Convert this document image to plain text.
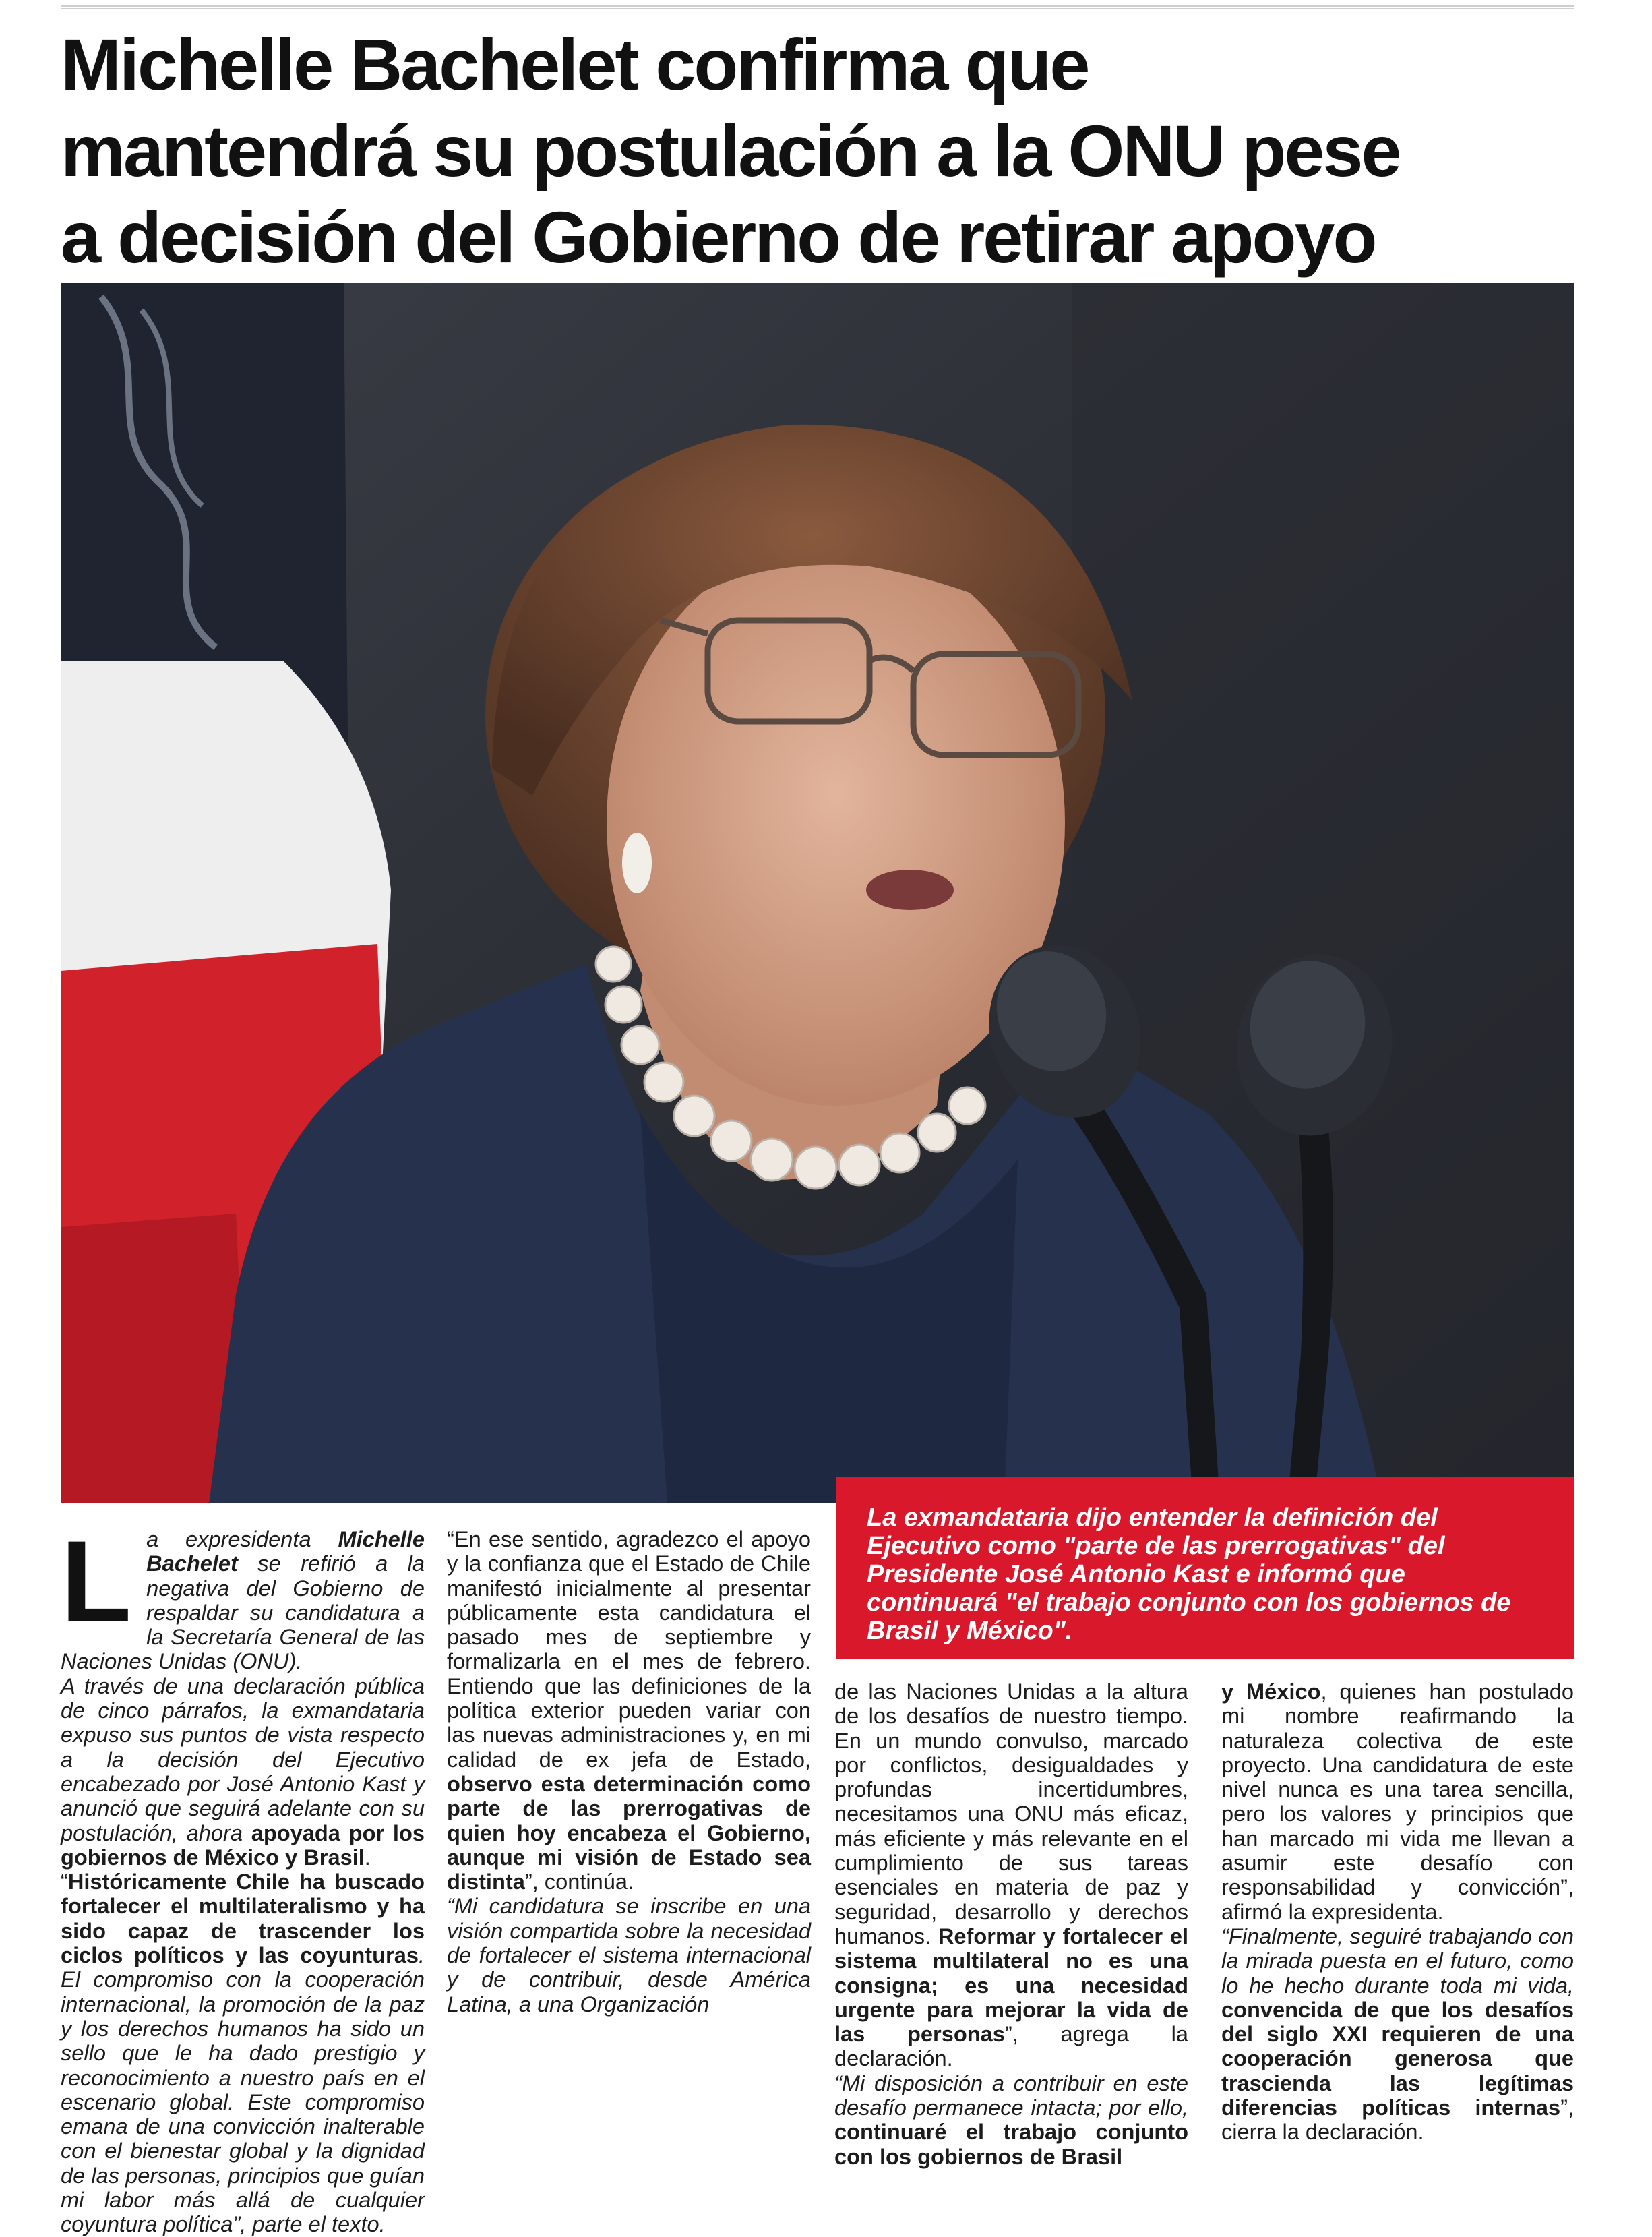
Michelle Bachelet confirma que
mantendrá su postulación a la ONU pese
a decisión del Gobierno de retirar apoyo
La exmandataria dijo entender la definición del Ejecutivo como "parte de las prerrogativas" del Presidente José Antonio Kast e informó que continuará "el trabajo conjunto con los gobiernos de Brasil y México".

La expresidenta Michelle Bachelet se refirió a la negativa del Gobierno de respaldar su candidatura a la Secretaría General de las Naciones Unidas (ONU).

A través de una declaración pública de cinco párrafos, la exmandataria expuso sus puntos de vista respecto a la decisión del Ejecutivo encabezado por José Antonio Kast y anunció que seguirá adelante con su postulación, ahora apoyada por los gobiernos de México y Brasil.

“Históricamente Chile ha buscado fortalecer el multilateralismo y ha sido capaz de trascender los ciclos políticos y las coyunturas. El compromiso con la cooperación internacional, la promoción de la paz y los derechos humanos ha sido un sello que le ha dado prestigio y reconocimiento a nuestro país en el escenario global. Este compromiso emana de una convicción inalterable con el bienestar global y la dignidad de las personas, principios que guían mi labor más allá de cualquier coyuntura política”, parte el texto.

“En ese sentido, agradezco el apoyo y la confianza que el Estado de Chile manifestó inicialmente al presentar públicamente esta candidatura el pasado mes de septiembre y formalizarla en el mes de febrero. Entiendo que las definiciones de la política exterior pueden variar con las nuevas administraciones y, en mi calidad de ex jefa de Estado, observo esta determinación como parte de las prerrogativas de quien hoy encabeza el Gobierno, aunque mi visión de Estado sea distinta”, continúa.

“Mi candidatura se inscribe en una visión compartida sobre la necesidad de fortalecer el sistema internacional y de contribuir, desde América Latina, a una Organización

de las Naciones Unidas a la altura de los desafíos de nuestro tiempo. En un mundo convulso, marcado por conflictos, desigualdades y profundas incertidumbres, necesitamos una ONU más eficaz, más eficiente y más relevante en el cumplimiento de sus tareas esenciales en materia de paz y seguridad, desarrollo y derechos humanos. Reformar y fortalecer el sistema multilateral no es una consigna; es una necesidad urgente para mejorar la vida de las personas”, agrega la declaración.

“Mi disposición a contribuir en este desafío permanece intacta; por ello, continuaré el trabajo conjunto con los gobiernos de Brasil

y México, quienes han postulado mi nombre reafirmando la naturaleza colectiva de este proyecto. Una candidatura de este nivel nunca es una tarea sencilla, pero los valores y principios que han marcado mi vida me llevan a asumir este desafío con responsabilidad y convicción”, afirmó la expresidenta.

“Finalmente, seguiré trabajando con la mirada puesta en el futuro, como lo he hecho durante toda mi vida, convencida de que los desafíos del siglo XXI requieren de una cooperación generosa que trascienda las legítimas diferencias políticas internas”, cierra la declaración.
